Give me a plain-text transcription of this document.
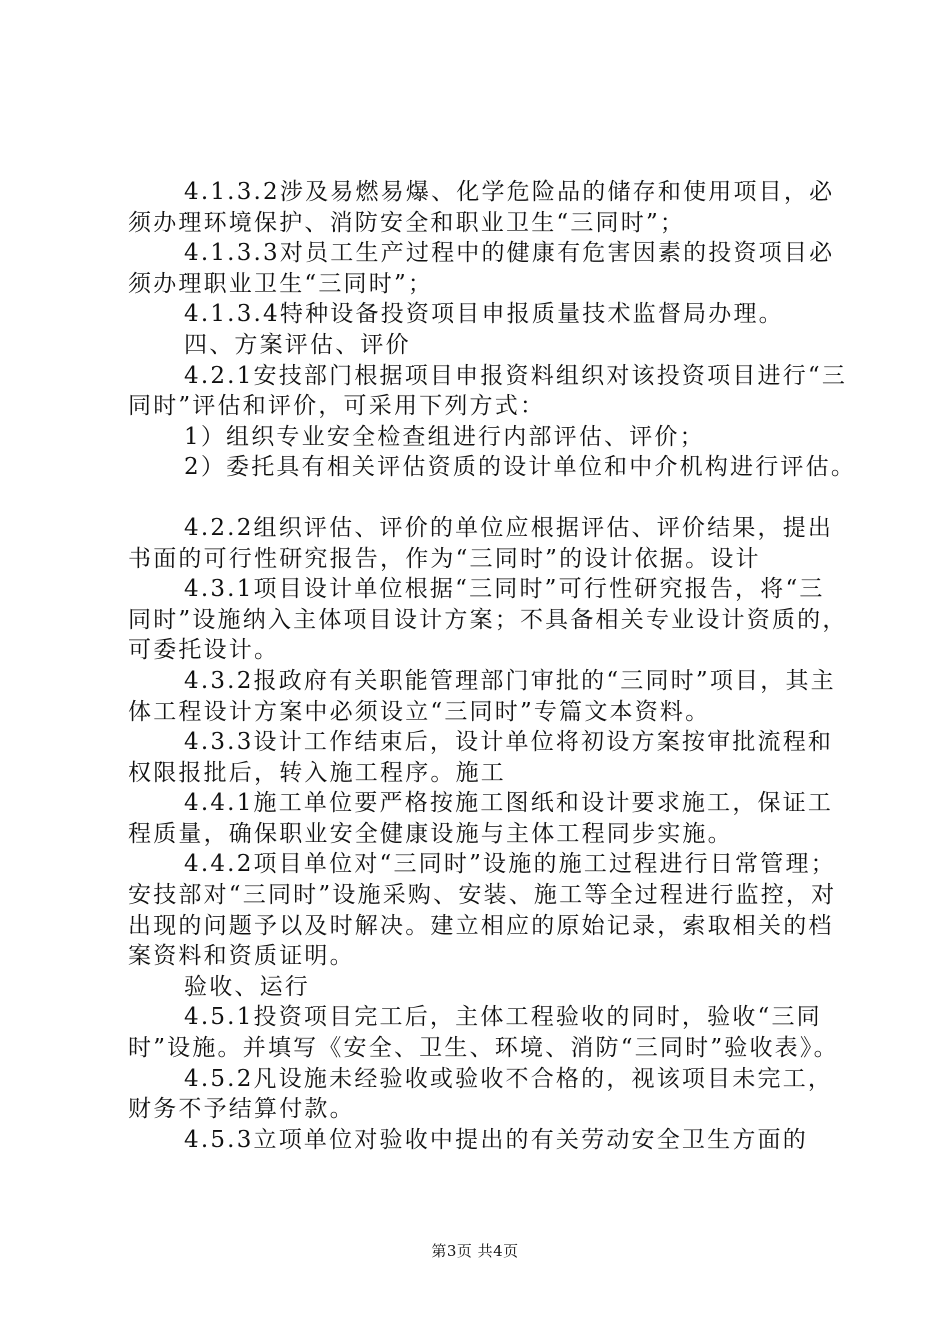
4.1.3.2涉及易燃易爆、化学危险品的储存和使用项目，必须办理环境保护、消防安全和职业卫生“三同时”；

4.1.3.3对员工生产过程中的健康有危害因素的投资项目必须办理职业卫生“三同时”；

4.1.3.4特种设备投资项目申报质量技术监督局办理。

四、方案评估、评价

4.2.1安技部门根据项目申报资料组织对该投资项目进行“三同时”评估和评价，可采用下列方式：

1）组织专业安全检查组进行内部评估、评价；

2）委托具有相关评估资质的设计单位和中介机构进行评估。

4.2.2组织评估、评价的单位应根据评估、评价结果，提出书面的可行性研究报告，作为“三同时”的设计依据。设计

4.3.1项目设计单位根据“三同时”可行性研究报告，将“三同时”设施纳入主体项目设计方案；不具备相关专业设计资质的，可委托设计。

4.3.2报政府有关职能管理部门审批的“三同时”项目，其主体工程设计方案中必须设立“三同时”专篇文本资料。

4.3.3设计工作结束后，设计单位将初设方案按审批流程和权限报批后，转入施工程序。施工

4.4.1施工单位要严格按施工图纸和设计要求施工，保证工程质量，确保职业安全健康设施与主体工程同步实施。

4.4.2项目单位对“三同时”设施的施工过程进行日常管理；安技部对“三同时”设施采购、安装、施工等全过程进行监控，对出现的问题予以及时解决。建立相应的原始记录，索取相关的档案资料和资质证明。

验收、运行

4.5.1投资项目完工后，主体工程验收的同时，验收“三同时”设施。并填写《安全、卫生、环境、消防“三同时”验收表》。

4.5.2凡设施未经验收或验收不合格的，视该项目未完工，财务不予结算付款。

4.5.3立项单位对验收中提出的有关劳动安全卫生方面的

第3页 共4页
